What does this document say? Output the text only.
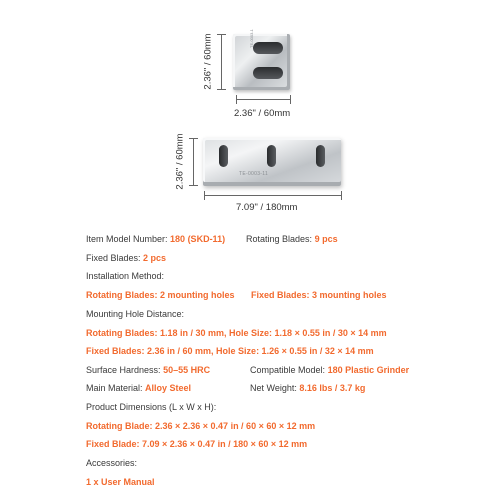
2.36" / 60mm
2.36" / 60mm
TE-0003-1
2.36" / 60mm
7.09" / 180mm
TE-0003-11
Item Model Number: 180 (SKD-11) Rotating Blades: 9 pcs
Fixed Blades: 2 pcs
Installation Method:
Rotating Blades: 2 mounting holes Fixed Blades: 3 mounting holes
Mounting Hole Distance:
Rotating Blades: 1.18 in / 30 mm, Hole Size: 1.18 × 0.55 in / 30 × 14 mm
Fixed Blades: 2.36 in / 60 mm, Hole Size: 1.26 × 0.55 in / 32 × 14 mm
Surface Hardness: 50–55 HRC	Compatible Model: 180 Plastic Grinder
Main Material: Alloy Steel	Net Weight: 8.16 lbs / 3.7 kg
Product Dimensions (L x W x H):
Rotating Blade: 2.36 × 2.36 × 0.47 in / 60 × 60 × 12 mm
Fixed Blade: 7.09 × 2.36 × 0.47 in / 180 × 60 × 12 mm
Accessories:
1 x User Manual
